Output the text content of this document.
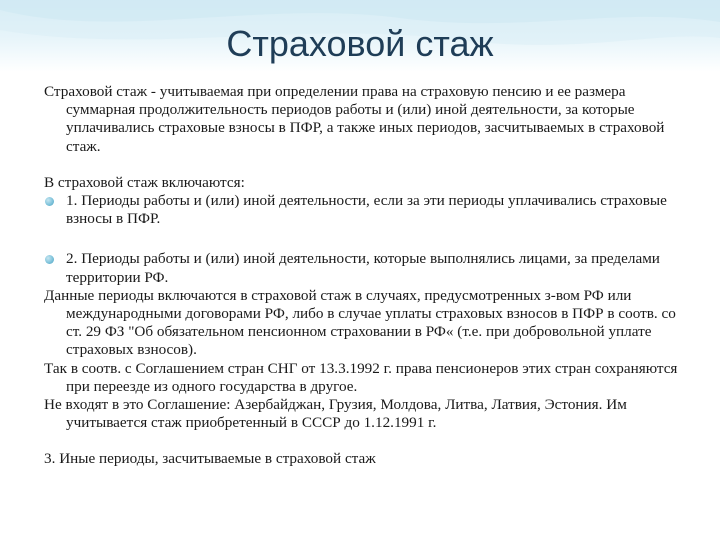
Страховой стаж

Страховой стаж - учитываемая при определении права на страховую пенсию и ее размера суммарная продолжительность периодов работы и (или) иной деятельности, за которые уплачивались страховые взносы в ПФР, а также иных периодов, засчитываемых в страховой стаж.

В страховой стаж включаются:

1. Периоды работы и (или) иной деятельности, если за эти периоды уплачивались страховые взносы в ПФР.
2. Периоды работы и (или) иной деятельности, которые выполнялись лицами, за пределами территории РФ.

Данные периоды включаются в страховой стаж в случаях, предусмотренных з-вом РФ или международными договорами РФ, либо в случае уплаты страховых взносов в ПФР в соотв. со ст. 29 ФЗ "Об обязательном пенсионном страховании в РФ« (т.е. при добровольной уплате страховых взносов).

Так в соотв. с Соглашением стран СНГ от 13.3.1992 г. права пенсионеров этих стран сохраняются при переезде из одного государства в другое.

Не входят в это Соглашение: Азербайджан, Грузия, Молдова, Литва, Латвия, Эстония. Им учитывается стаж приобретенный в СССР до 1.12.1991 г.

3. Иные периоды, засчитываемые в страховой стаж
